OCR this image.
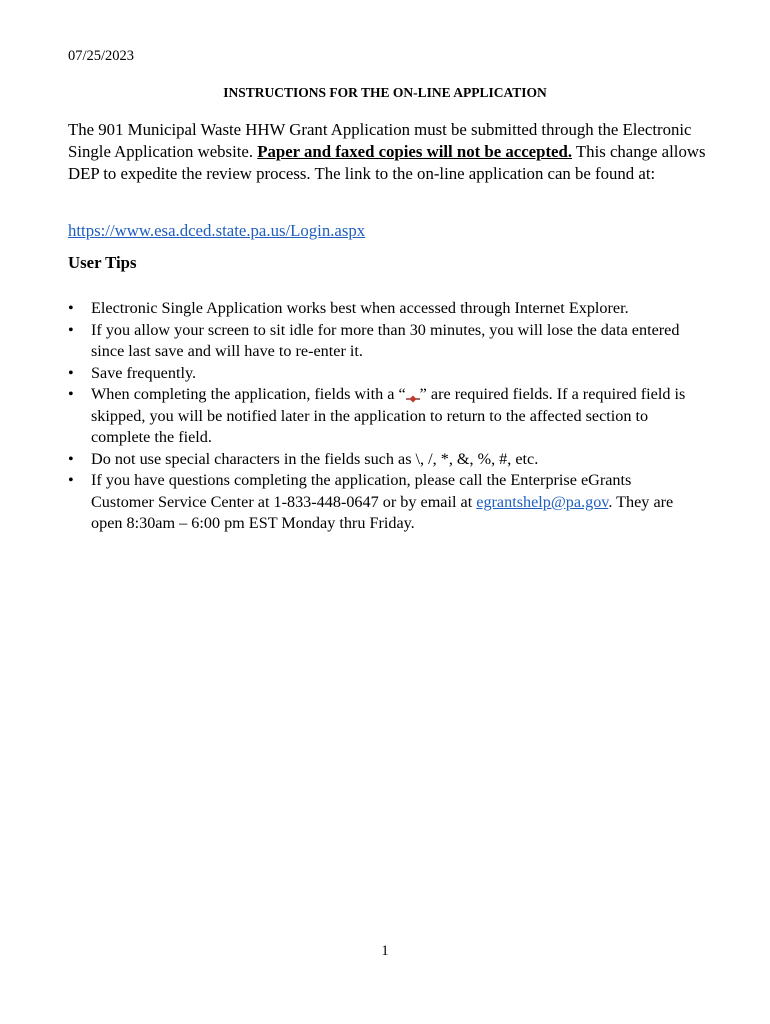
07/25/2023
INSTRUCTIONS FOR THE ON-LINE APPLICATION
The 901 Municipal Waste HHW Grant Application must be submitted through the Electronic Single Application website. Paper and faxed copies will not be accepted. This change allows DEP to expedite the review process. The link to the on-line application can be found at:
https://www.esa.dced.state.pa.us/Login.aspx
User Tips
•	Electronic Single Application works best when accessed through Internet Explorer.
•	If you allow your screen to sit idle for more than 30 minutes, you will lose the data entered since last save and will have to re-enter it.
•	Save frequently.
•	When completing the application, fields with a “ ” are required fields. If a required field is skipped, you will be notified later in the application to return to the affected section to complete the field.
•	Do not use special characters in the fields such as \, /, *, &, %, #, etc.
•	If you have questions completing the application, please call the Enterprise eGrants Customer Service Center at 1-833-448-0647 or by email at egrantshelp@pa.gov. They are open 8:30am – 6:00 pm EST Monday thru Friday.
1
